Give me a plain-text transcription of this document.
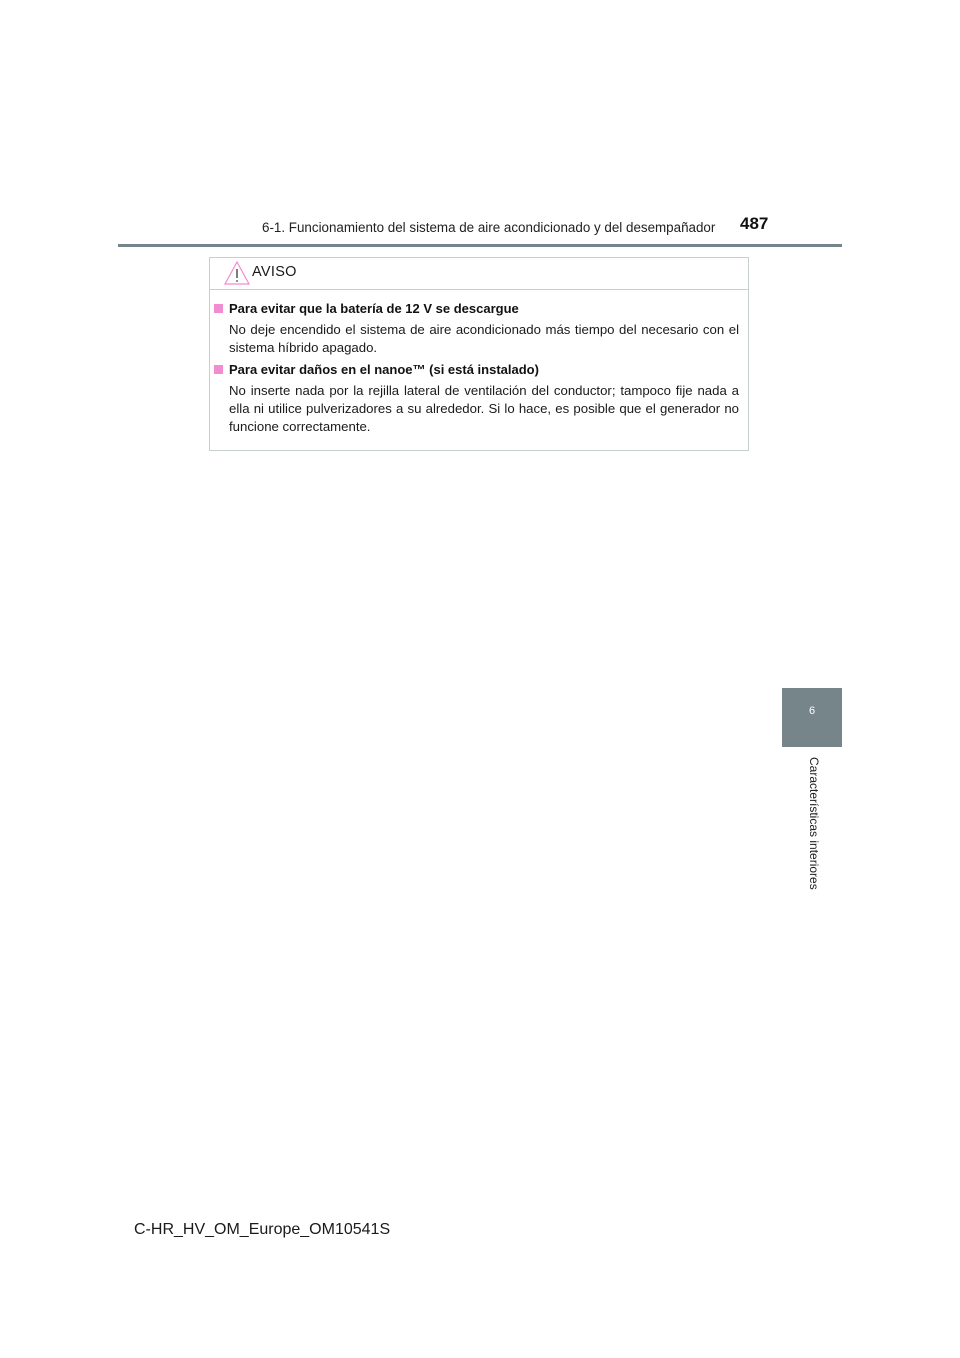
6-1. Funcionamiento del sistema de aire acondicionado y del desempañador 487
AVISO
Para evitar que la batería de 12 V se descargue
No deje encendido el sistema de aire acondicionado más tiempo del necesario con el sistema híbrido apagado.
Para evitar daños en el nanoe™ (si está instalado)
No inserte nada por la rejilla lateral de ventilación del conductor; tampoco fije nada a ella ni utilice pulverizadores a su alrededor. Si lo hace, es posible que el generador no funcione correctamente.
6
Características interiores
C-HR_HV_OM_Europe_OM10541S
